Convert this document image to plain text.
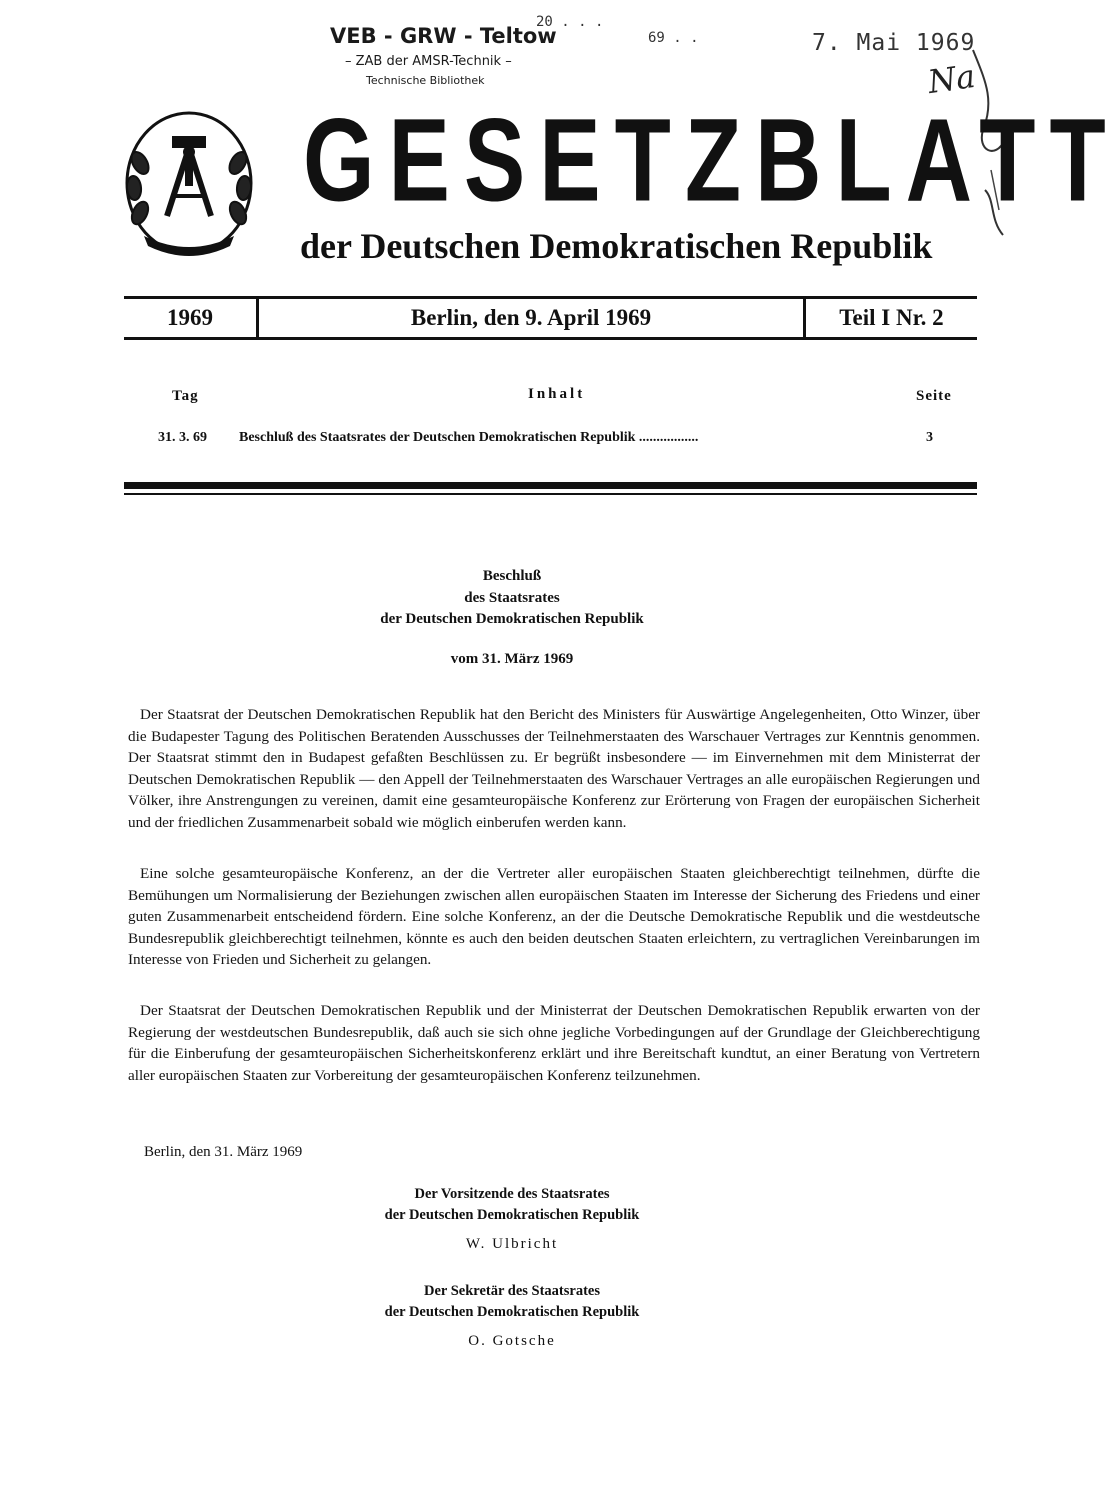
VEB - GRW - Teltow
– ZAB der AMSR-Technik –
Technische Bibliothek
20 . . .
69 . .	7. Mai 1969
Na
GESETZBLATT
der Deutschen Demokratischen Republik
1969	Berlin, den 9. April 1969	Teil I Nr. 2
Tag	Inhalt	Seite
31. 3. 69 Beschluß des Staatsrates der Deutschen Demokratischen Republik .................	3
Beschluß
des Staatsrates
der Deutschen Demokratischen Republik
vom 31. März 1969
Der Staatsrat der Deutschen Demokratischen Republik hat den Bericht des Ministers für Auswärtige Angelegenheiten, Otto Winzer, über die Budapester Tagung des Politischen Beratenden Ausschusses der Teilnehmerstaaten des Warschauer Vertrages zur Kenntnis genommen. Der Staatsrat stimmt den in Budapest gefaßten Beschlüssen zu. Er begrüßt insbesondere — im Einvernehmen mit dem Ministerrat der Deutschen Demokratischen Republik — den Appell der Teilnehmerstaaten des Warschauer Vertrages an alle europäischen Regierungen und Völker, ihre Anstrengungen zu vereinen, damit eine gesamteuropäische Konferenz zur Erörterung von Fragen der europäischen Sicherheit und der friedlichen Zusammenarbeit sobald wie möglich einberufen werden kann.
Eine solche gesamteuropäische Konferenz, an der die Vertreter aller europäischen Staaten gleichberechtigt teilnehmen, dürfte die Bemühungen um Normalisierung der Beziehungen zwischen allen europäischen Staaten im Interesse der Sicherung des Friedens und einer guten Zusammenarbeit entscheidend fördern. Eine solche Konferenz, an der die Deutsche Demokratische Republik und die westdeutsche Bundesrepublik gleichberechtigt teilnehmen, könnte es auch den beiden deutschen Staaten erleichtern, zu vertraglichen Vereinbarungen im Interesse von Frieden und Sicherheit zu gelangen.
Der Staatsrat der Deutschen Demokratischen Republik und der Ministerrat der Deutschen Demokratischen Republik erwarten von der Regierung der westdeutschen Bundesrepublik, daß auch sie sich ohne jegliche Vorbedingungen auf der Grundlage der Gleichberechtigung für die Einberufung der gesamteuropäischen Sicherheitskonferenz erklärt und ihre Bereitschaft kundtut, an einer Beratung von Vertretern aller europäischen Staaten zur Vorbereitung der gesamteuropäischen Konferenz teilzunehmen.
Berlin, den 31. März 1969
Der Vorsitzende des Staatsrates
der Deutschen Demokratischen Republik
W. Ulbricht
Der Sekretär des Staatsrates
der Deutschen Demokratischen Republik
O. Gotsche
